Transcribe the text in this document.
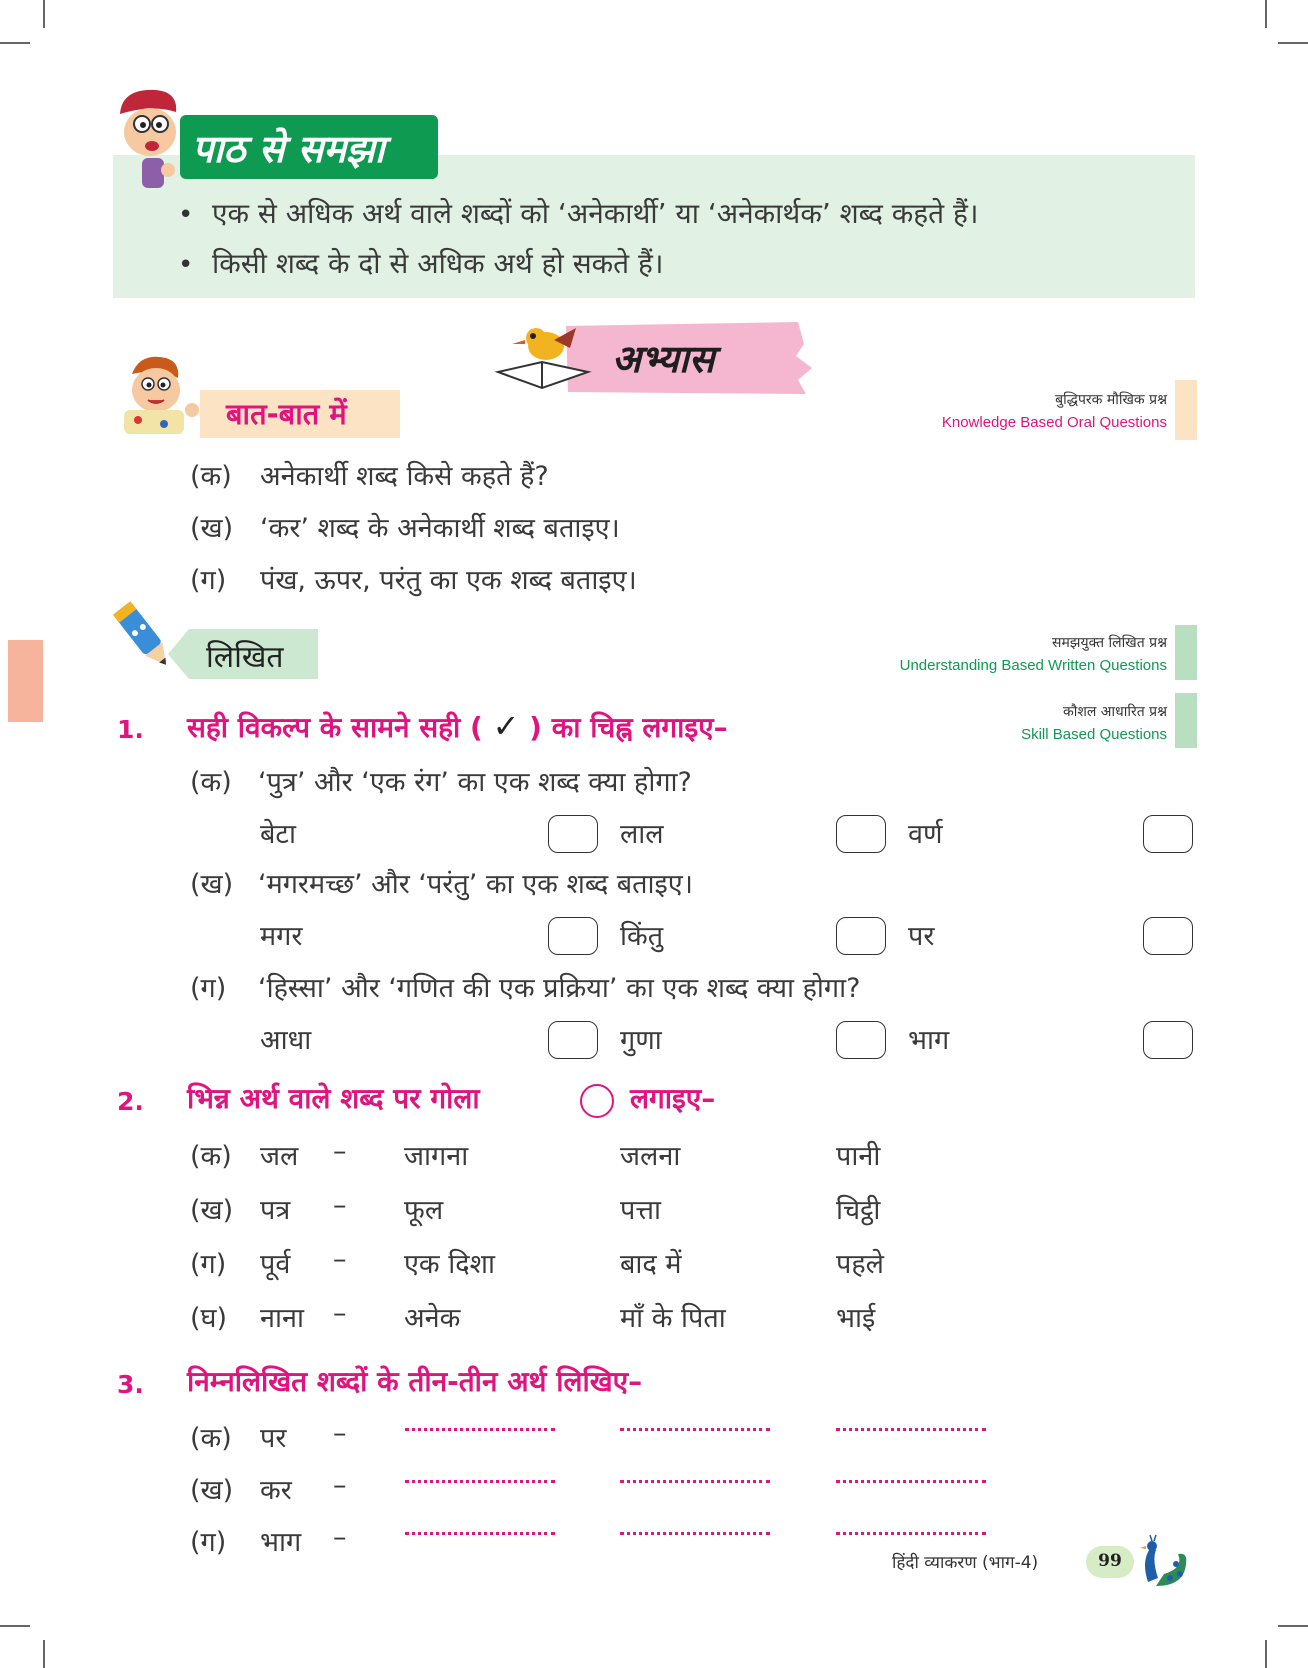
पाठ से समझा
• एक से अधिक अर्थ वाले शब्दों को ‘अनेकार्थी’ या ‘अनेकार्थक’ शब्द कहते हैं।
• किसी शब्द के दो से अधिक अर्थ हो सकते हैं।
अभ्यास
बात-बात में	बुद्धिपरक मौखिक प्रश्न
Knowledge Based Oral Questions
(क) अनेकार्थी शब्द किसे कहते हैं?
(ख) ‘कर’ शब्द के अनेकार्थी शब्द बताइए।
(ग) पंख, ऊपर, परंतु का एक शब्द बताइए।
लिखित	समझयुक्त लिखित प्रश्न
Understanding Based Written Questions
कौशल आधारित प्रश्न
Skill Based Questions
1. सही विकल्प के सामने सही ( ✓ ) का चिह्न लगाइए–
(क) ‘पुत्र’ और ‘एक रंग’ का एक शब्द क्या होगा?
बेटा	लाल	वर्ण
(ख) ‘मगरमच्छ’ और ‘परंतु’ का एक शब्द बताइए।
मगर	किंतु	पर
(ग) ‘हिस्सा’ और ‘गणित की एक प्रक्रिया’ का एक शब्द क्या होगा?
आधा	गुणा	भाग
2. भिन्न अर्थ वाले शब्द पर गोला	लगाइए–
(क) जल – जागना	जलना	पानी
(ख) पत्र – फूल	पत्ता	चिट्ठी
(ग) पूर्व – एक दिशा	बाद में	पहले
(घ) नाना – अनेक	माँ के पिता	भाई
3. निम्नलिखित शब्दों के तीन-तीन अर्थ लिखिए–
(क) पर –
(ख) कर –
(ग) भाग –
हिंदी व्याकरण (भाग-4)	99
